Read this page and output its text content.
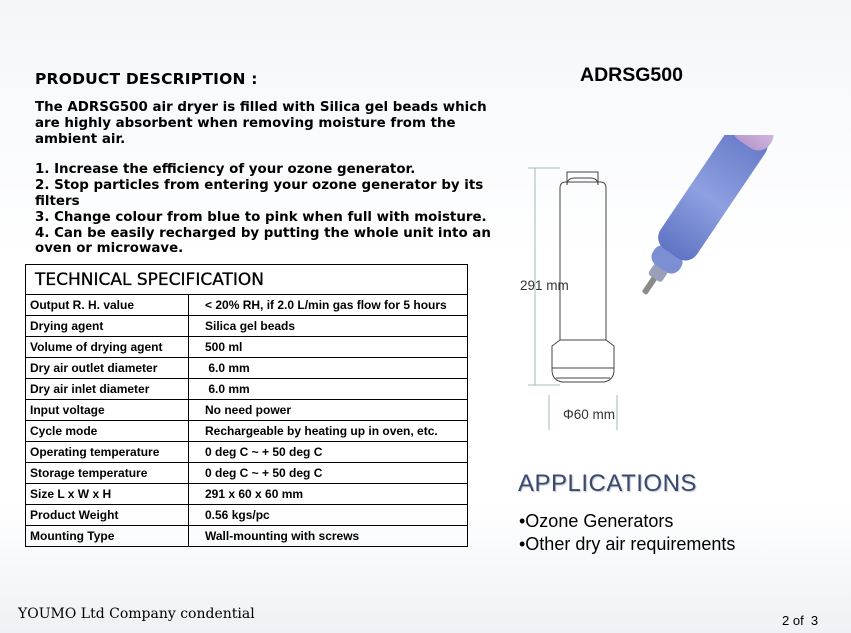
PRODUCT DESCRIPTION :

The ADRSG500 air dryer is filled with Silica gel beads which are highly absorbent when removing moisture from the ambient air.

1. Increase the efficiency of your ozone generator.
2. Stop particles from entering your ozone generator by its filters
3. Change colour from blue to pink when full with moisture.
4. Can be easily recharged by putting the whole unit into an oven or microwave.
ADRSG500
TECHNICAL SPECIFICATION
Output R. H. value	< 20% RH, if 2.0 L/min gas flow for 5 hours
Drying agent	Silica gel beads
Volume of drying agent	500 ml
Dry air outlet diameter	6.0 mm
Dry air inlet diameter	6.0 mm
Input voltage	No need power
Cycle mode	Rechargeable by heating up in oven, etc.
Operating temperature	0 deg C ~ + 50 deg C
Storage temperature	0 deg C ~ + 50 deg C
Size L x W x H	291 x 60 x 60 mm
Product Weight	0.56 kgs/pc
Mounting Type	Wall-mounting with screws
291 mm
Φ60 mm
APPLICATIONS
•Ozone Generators
•Other dry air requirements
YOUMO Ltd Company condential	2 of  3
